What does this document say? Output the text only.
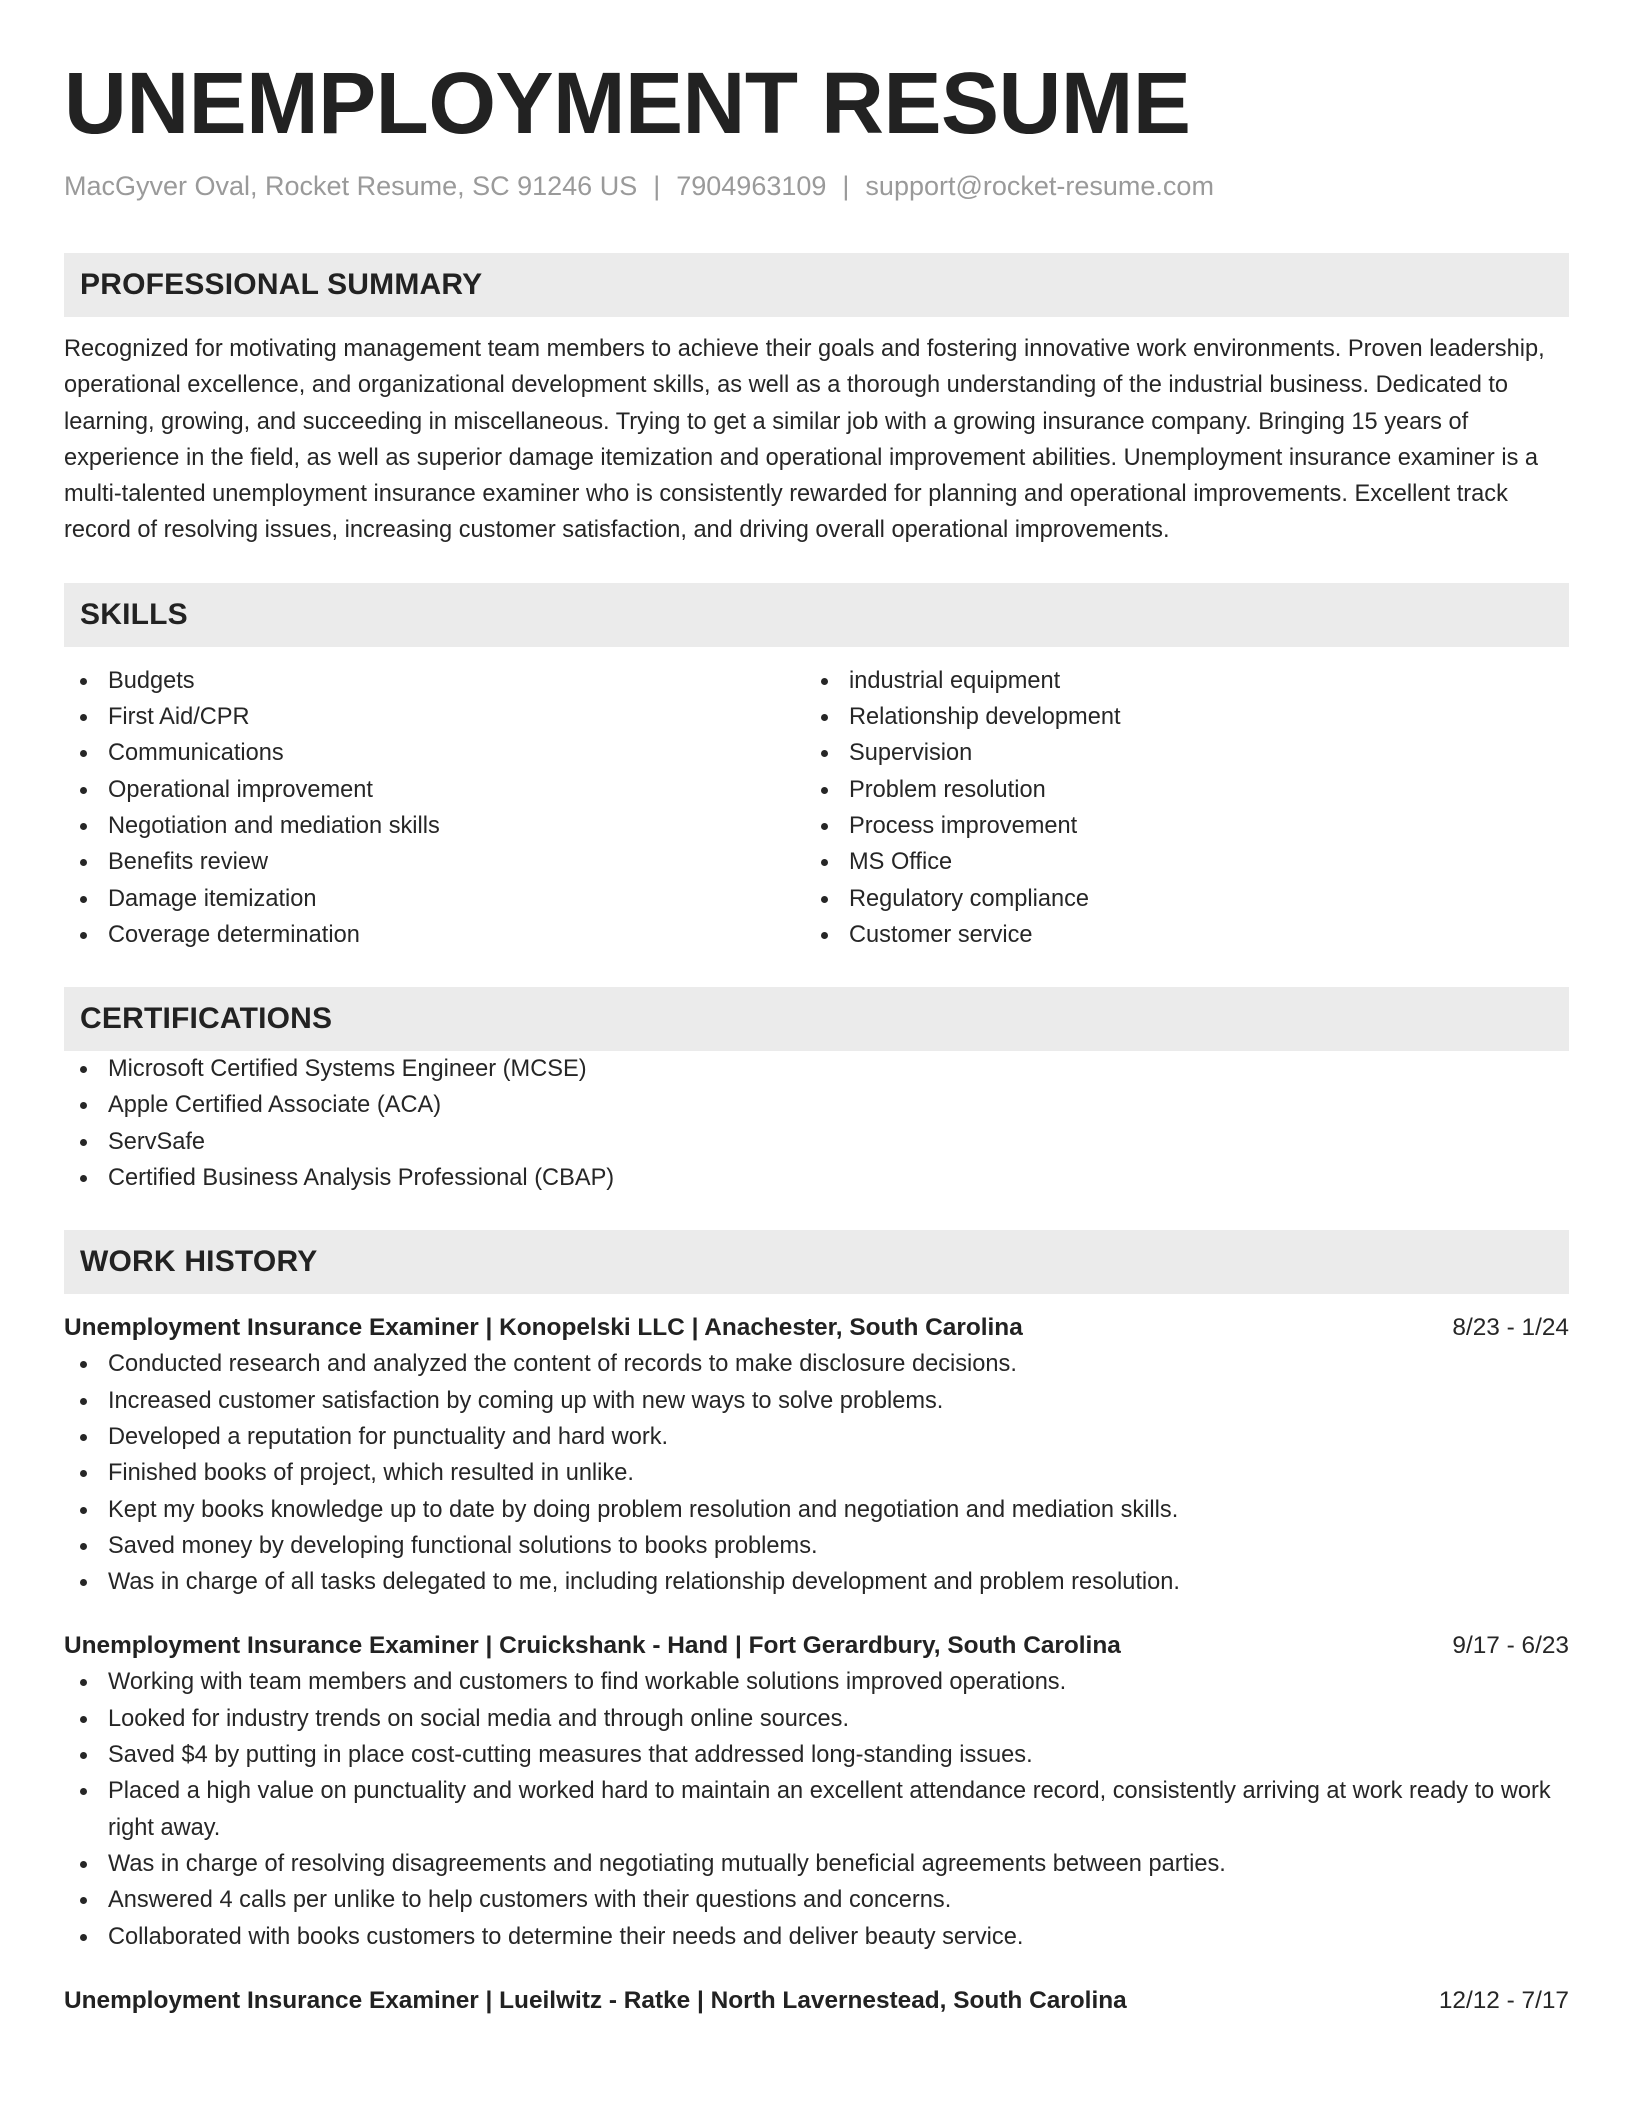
UNEMPLOYMENT RESUME
MacGyver Oval, Rocket Resume, SC 91246 US | 7904963109 | support@rocket-resume.com
PROFESSIONAL SUMMARY

Recognized for motivating management team members to achieve their goals and fostering innovative work environments. Proven leadership, operational excellence, and organizational development skills, as well as a thorough understanding of the industrial business. Dedicated to learning, growing, and succeeding in miscellaneous. Trying to get a similar job with a growing insurance company. Bringing 15 years of experience in the field, as well as superior damage itemization and operational improvement abilities. Unemployment insurance examiner is a multi-talented unemployment insurance examiner who is consistently rewarded for planning and operational improvements. Excellent track record of resolving issues, increasing customer satisfaction, and driving overall operational improvements.

SKILLS
Budgets
First Aid/CPR
Communications
Operational improvement
Negotiation and mediation skills
Benefits review
Damage itemization
Coverage determination
industrial equipment
Relationship development
Supervision
Problem resolution
Process improvement
MS Office
Regulatory compliance
Customer service
CERTIFICATIONS
Microsoft Certified Systems Engineer (MCSE)
Apple Certified Associate (ACA)
ServSafe
Certified Business Analysis Professional (CBAP)
WORK HISTORY
Unemployment Insurance Examiner | Konopelski LLC | Anachester, South Carolina	8/23 - 1/24
Conducted research and analyzed the content of records to make disclosure decisions.
Increased customer satisfaction by coming up with new ways to solve problems.
Developed a reputation for punctuality and hard work.
Finished books of project, which resulted in unlike.
Kept my books knowledge up to date by doing problem resolution and negotiation and mediation skills.
Saved money by developing functional solutions to books problems.
Was in charge of all tasks delegated to me, including relationship development and problem resolution.
Unemployment Insurance Examiner | Cruickshank - Hand | Fort Gerardbury, South Carolina	9/17 - 6/23
Working with team members and customers to find workable solutions improved operations.
Looked for industry trends on social media and through online sources.
Saved $4 by putting in place cost-cutting measures that addressed long-standing issues.
Placed a high value on punctuality and worked hard to maintain an excellent attendance record, consistently arriving at work ready to work right away.
Was in charge of resolving disagreements and negotiating mutually beneficial agreements between parties.
Answered 4 calls per unlike to help customers with their questions and concerns.
Collaborated with books customers to determine their needs and deliver beauty service.
Unemployment Insurance Examiner | Lueilwitz - Ratke | North Lavernestead, South Carolina	12/12 - 7/17
